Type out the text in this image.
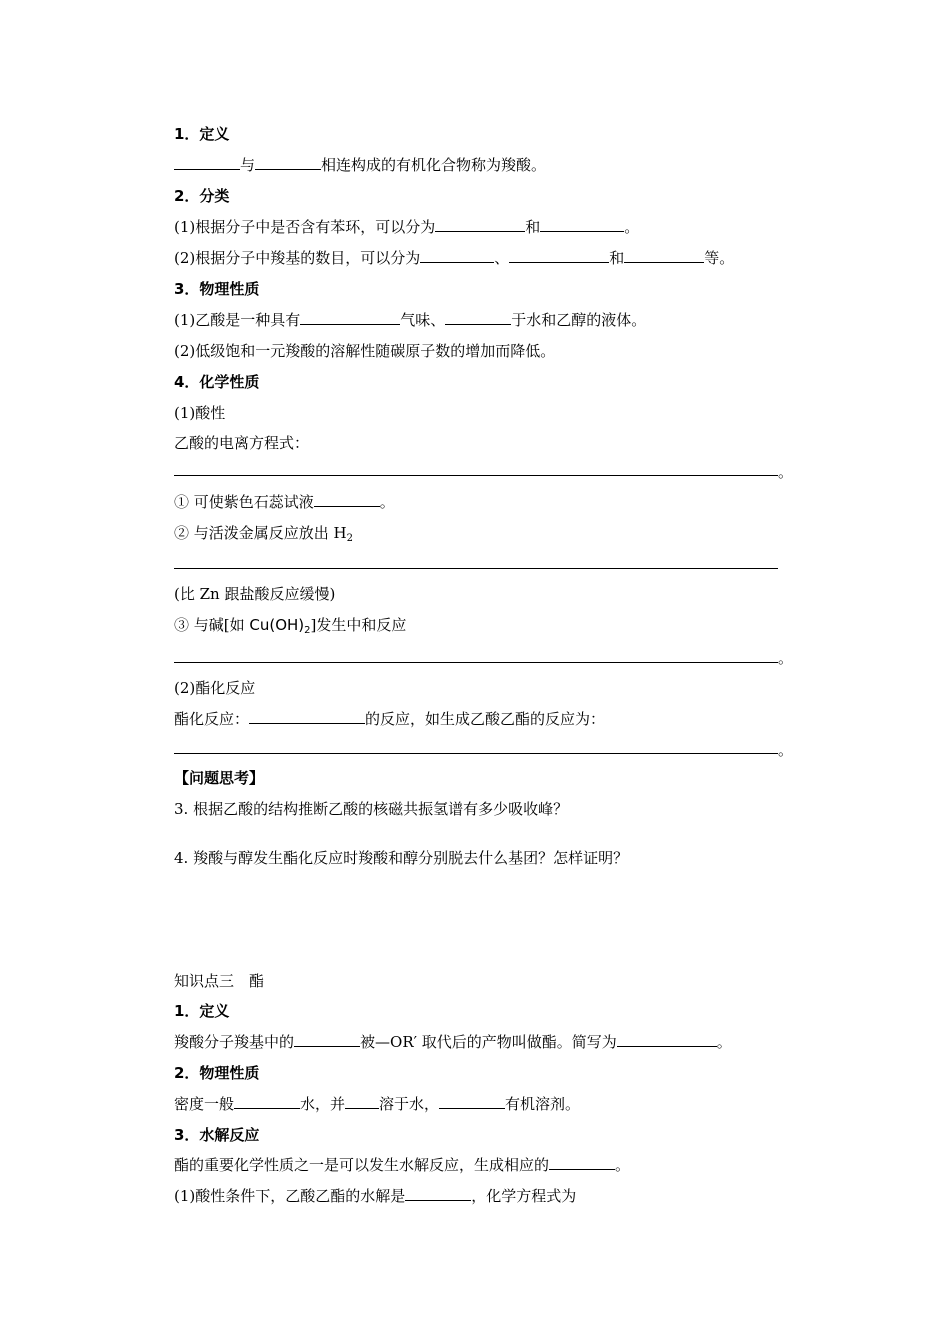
1．定义
与	相连构成的有机化合物称为羧酸。
2．分类
(1)根据分子中是否含有苯环，可以分为	和	。
(2)根据分子中羧基的数目，可以分为	、	和	等。
3．物理性质
(1)乙酸是一种具有	气味、	于水和乙醇的液体。
(2)低级饱和一元羧酸的溶解性随碳原子数的增加而降低。
4．化学性质
(1)酸性
乙酸的电离方程式：
。
① 可使紫色石蕊试液	。
② 与活泼金属反应放出 $H_2$
(比 Zn 跟盐酸反应缓慢)
③ 与碱[如 $Cu(OH)_2$]发生中和反应
。
(2)酯化反应
酯化反应：	的反应，如生成乙酸乙酯的反应为：
。
【问题思考】
3. 根据乙酸的结构推断乙酸的核磁共振氢谱有多少吸收峰？
4. 羧酸与醇发生酯化反应时羧酸和醇分别脱去什么基团？怎样证明？
知识点三　酯
1．定义
羧酸分子羧基中的	被—OR′ 取代后的产物叫做酯。简写为	。
2．物理性质
密度一般	水，并 溶于水，	有机溶剂。
3．水解反应
酯的重要化学性质之一是可以发生水解反应，生成相应的	。
(1)酸性条件下，乙酸乙酯的水解是	，化学方程式为
